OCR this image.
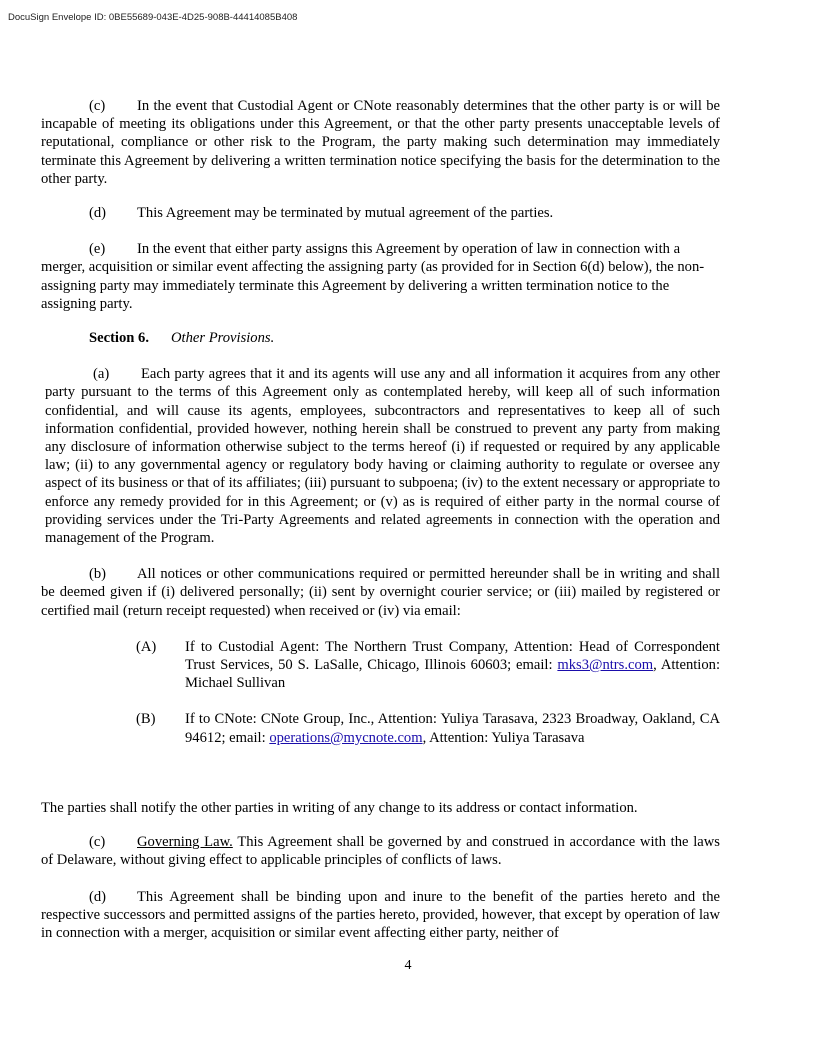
DocuSign Envelope ID: 0BE55689-043E-4D25-908B-44414085B408

(c) In the event that Custodial Agent or CNote reasonably determines that the other party is or will be incapable of meeting its obligations under this Agreement, or that the other party presents unacceptable levels of reputational, compliance or other risk to the Program, the party making such determination may immediately terminate this Agreement by delivering a written termination notice specifying the basis for the determination to the other party.

(d) This Agreement may be terminated by mutual agreement of the parties.

(e) In the event that either party assigns this Agreement by operation of law in connection with a merger, acquisition or similar event affecting the assigning party (as provided for in Section 6(d) below), the non-assigning party may immediately terminate this Agreement by delivering a written termination notice to the assigning party.

Section 6. Other Provisions.

(a) Each party agrees that it and its agents will use any and all information it acquires from any other party pursuant to the terms of this Agreement only as contemplated hereby, will keep all of such information confidential, and will cause its agents, employees, subcontractors and representatives to keep all of such information confidential, provided however, nothing herein shall be construed to prevent any party from making any disclosure of information otherwise subject to the terms hereof (i) if requested or required by any applicable law; (ii) to any governmental agency or regulatory body having or claiming authority to regulate or oversee any aspect of its business or that of its affiliates; (iii) pursuant to subpoena; (iv) to the extent necessary or appropriate to enforce any remedy provided for in this Agreement; or (v) as is required of either party in the normal course of providing services under the Tri-Party Agreements and related agreements in connection with the operation and management of the Program.

(b) All notices or other communications required or permitted hereunder shall be in writing and shall be deemed given if (i) delivered personally; (ii) sent by overnight courier service; or (iii) mailed by registered or certified mail (return receipt requested) when received or (iv) via email:

(A)	If to Custodial Agent: The Northern Trust Company, Attention: Head of Correspondent Trust Services, 50 S. LaSalle, Chicago, Illinois 60603; email: mks3@ntrs.com, Attention: Michael Sullivan
(B)	If to CNote: CNote Group, Inc., Attention: Yuliya Tarasava, 2323 Broadway, Oakland, CA 94612; email: operations@mycnote.com, Attention: Yuliya Tarasava

The parties shall notify the other parties in writing of any change to its address or contact information.

(c) Governing Law. This Agreement shall be governed by and construed in accordance with the laws of Delaware, without giving effect to applicable principles of conflicts of laws.

(d) This Agreement shall be binding upon and inure to the benefit of the parties hereto and the respective successors and permitted assigns of the parties hereto, provided, however, that except by operation of law in connection with a merger, acquisition or similar event affecting either party, neither of

4
